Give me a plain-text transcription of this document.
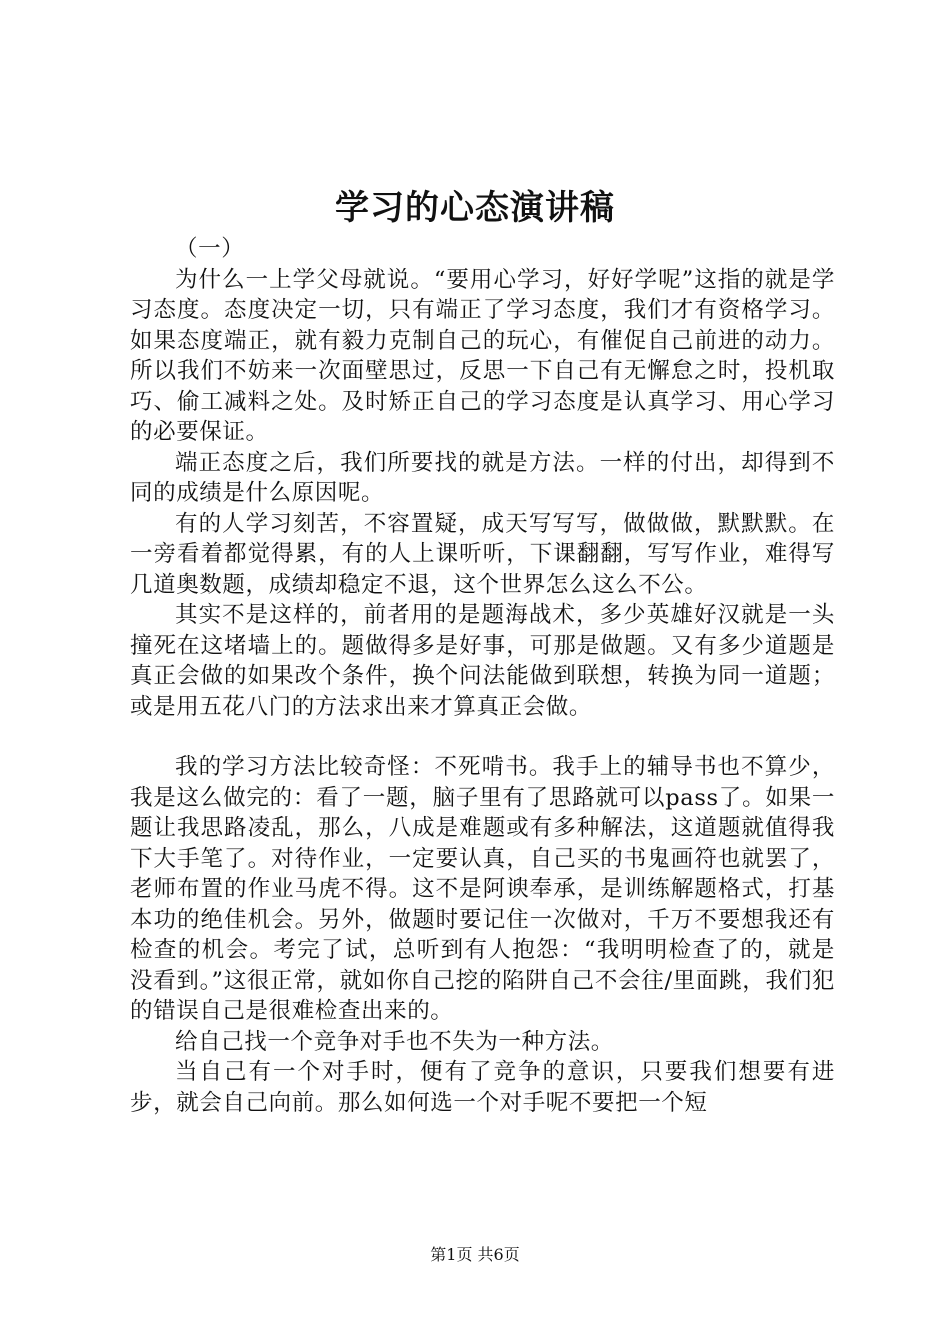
学习的心态演讲稿

（一）

为什么一上学父母就说。“要用心学习，好好学呢”这指的就是学习态度。态度决定一切，只有端正了学习态度，我们才有资格学习。如果态度端正，就有毅力克制自己的玩心，有催促自己前进的动力。所以我们不妨来一次面壁思过，反思一下自己有无懈怠之时，投机取巧、偷工减料之处。及时矫正自己的学习态度是认真学习、用心学习的必要保证。

端正态度之后，我们所要找的就是方法。一样的付出，却得到不同的成绩是什么原因呢。

有的人学习刻苦，不容置疑，成天写写写，做做做，默默默。在一旁看着都觉得累，有的人上课听听，下课翻翻，写写作业，难得写几道奥数题，成绩却稳定不退，这个世界怎么这么不公。

其实不是这样的，前者用的是题海战术，多少英雄好汉就是一头撞死在这堵墙上的。题做得多是好事，可那是做题。又有多少道题是真正会做的如果改个条件，换个问法能做到联想，转换为同一道题；或是用五花八门的方法求出来才算真正会做。

我的学习方法比较奇怪：不死啃书。我手上的辅导书也不算少，我是这么做完的：看了一题，脑子里有了思路就可以pass了。如果一题让我思路凌乱，那么，八成是难题或有多种解法，这道题就值得我下大手笔了。对待作业，一定要认真，自己买的书鬼画符也就罢了，老师布置的作业马虎不得。这不是阿谀奉承，是训练解题格式，打基本功的绝佳机会。另外，做题时要记住一次做对，千万不要想我还有检查的机会。考完了试，总听到有人抱怨：“我明明检查了的，就是没看到。”这很正常，就如你自己挖的陷阱自己不会往/里面跳，我们犯的错误自己是很难检查出来的。

给自己找一个竞争对手也不失为一种方法。

当自己有一个对手时，便有了竞争的意识，只要我们想要有进步，就会自己向前。那么如何选一个对手呢不要把一个短

第1页 共6页
